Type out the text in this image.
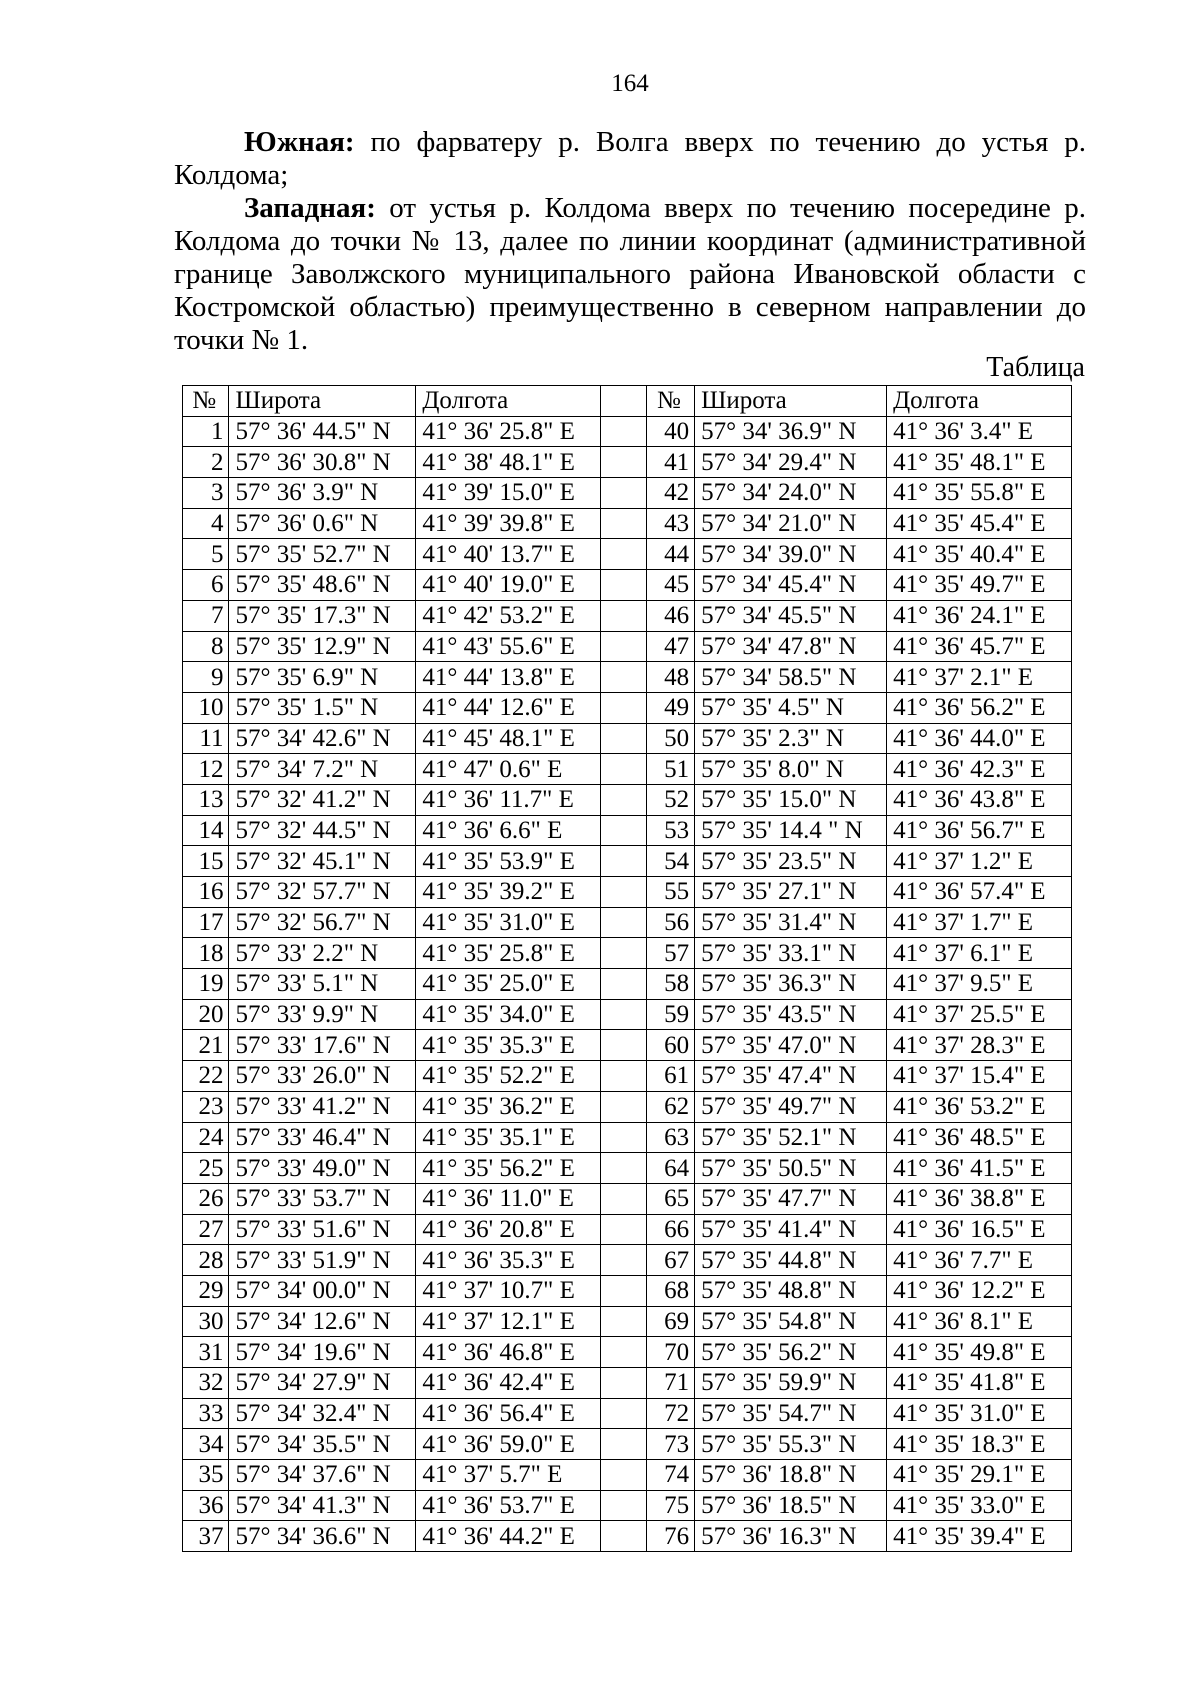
164

Южная: по фарватеру р. Волга вверх по течению до устья р. Колдома;

Западная: от устья р. Колдома вверх по течению посередине р. Колдома до точки № 13, далее по линии координат (административной границе Заволжского муниципального района Ивановской области с Костромской областью) преимущественно в северном направлении до точки № 1.

Таблица
№	Широта	Долгота		№	Широта	Долгота
1	57° 36' 44.5" N	41° 36' 25.8" E		40	57° 34' 36.9" N	41° 36' 3.4" E
2	57° 36' 30.8" N	41° 38' 48.1" E		41	57° 34' 29.4" N	41° 35' 48.1" E
3	57° 36' 3.9" N	41° 39' 15.0" E		42	57° 34' 24.0" N	41° 35' 55.8" E
4	57° 36' 0.6" N	41° 39' 39.8" E		43	57° 34' 21.0" N	41° 35' 45.4" E
5	57° 35' 52.7" N	41° 40' 13.7" E		44	57° 34' 39.0" N	41° 35' 40.4" E
6	57° 35' 48.6" N	41° 40' 19.0" E		45	57° 34' 45.4" N	41° 35' 49.7" E
7	57° 35' 17.3" N	41° 42' 53.2" E		46	57° 34' 45.5" N	41° 36' 24.1" E
8	57° 35' 12.9" N	41° 43' 55.6" E		47	57° 34' 47.8" N	41° 36' 45.7" E
9	57° 35' 6.9" N	41° 44' 13.8" E		48	57° 34' 58.5" N	41° 37' 2.1" E
10	57° 35' 1.5" N	41° 44' 12.6" E		49	57° 35' 4.5" N	41° 36' 56.2" E
11	57° 34' 42.6" N	41° 45' 48.1" E		50	57° 35' 2.3" N	41° 36' 44.0" E
12	57° 34' 7.2" N	41° 47' 0.6" E		51	57° 35' 8.0" N	41° 36' 42.3" E
13	57° 32' 41.2" N	41° 36' 11.7" E		52	57° 35' 15.0" N	41° 36' 43.8" E
14	57° 32' 44.5" N	41° 36' 6.6" E		53	57° 35' 14.4 " N	41° 36' 56.7" E
15	57° 32' 45.1" N	41° 35' 53.9" E		54	57° 35' 23.5" N	41° 37' 1.2" E
16	57° 32' 57.7" N	41° 35' 39.2" E		55	57° 35' 27.1" N	41° 36' 57.4" E
17	57° 32' 56.7" N	41° 35' 31.0" E		56	57° 35' 31.4" N	41° 37' 1.7" E
18	57° 33' 2.2" N	41° 35' 25.8" E		57	57° 35' 33.1" N	41° 37' 6.1" E
19	57° 33' 5.1" N	41° 35' 25.0" E		58	57° 35' 36.3" N	41° 37' 9.5" E
20	57° 33' 9.9" N	41° 35' 34.0" E		59	57° 35' 43.5" N	41° 37' 25.5" E
21	57° 33' 17.6" N	41° 35' 35.3" E		60	57° 35' 47.0" N	41° 37' 28.3" E
22	57° 33' 26.0" N	41° 35' 52.2" E		61	57° 35' 47.4" N	41° 37' 15.4" E
23	57° 33' 41.2" N	41° 35' 36.2" E		62	57° 35' 49.7" N	41° 36' 53.2" E
24	57° 33' 46.4" N	41° 35' 35.1" E		63	57° 35' 52.1" N	41° 36' 48.5" E
25	57° 33' 49.0" N	41° 35' 56.2" E		64	57° 35' 50.5" N	41° 36' 41.5" E
26	57° 33' 53.7" N	41° 36' 11.0" E		65	57° 35' 47.7" N	41° 36' 38.8" E
27	57° 33' 51.6" N	41° 36' 20.8" E		66	57° 35' 41.4" N	41° 36' 16.5" E
28	57° 33' 51.9" N	41° 36' 35.3" E		67	57° 35' 44.8" N	41° 36' 7.7" E
29	57° 34' 00.0" N	41° 37' 10.7" E		68	57° 35' 48.8" N	41° 36' 12.2" E
30	57° 34' 12.6" N	41° 37' 12.1" E		69	57° 35' 54.8" N	41° 36' 8.1" E
31	57° 34' 19.6" N	41° 36' 46.8" E		70	57° 35' 56.2" N	41° 35' 49.8" E
32	57° 34' 27.9" N	41° 36' 42.4" E		71	57° 35' 59.9" N	41° 35' 41.8" E
33	57° 34' 32.4" N	41° 36' 56.4" E		72	57° 35' 54.7" N	41° 35' 31.0" E
34	57° 34' 35.5" N	41° 36' 59.0" E		73	57° 35' 55.3" N	41° 35' 18.3" E
35	57° 34' 37.6" N	41° 37' 5.7" E		74	57° 36' 18.8" N	41° 35' 29.1" E
36	57° 34' 41.3" N	41° 36' 53.7" E		75	57° 36' 18.5" N	41° 35' 33.0" E
37	57° 34' 36.6" N	41° 36' 44.2" E		76	57° 36' 16.3" N	41° 35' 39.4" E
